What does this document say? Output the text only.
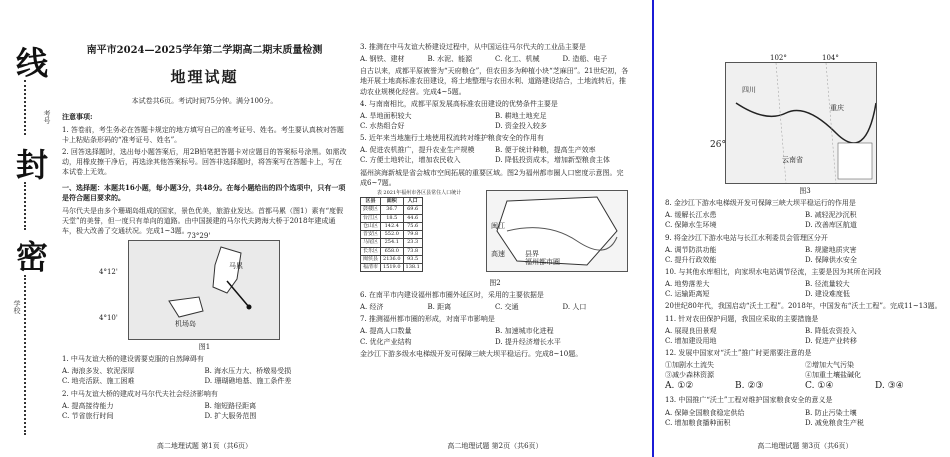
线
封
密
学校
考号
南平市2024—2025学年第二学期高二期末质量检测
地理试题
本试卷共6页。考试时间75分钟。满分100分。
注意事项:

1. 答卷前，考生务必在答题卡规定的地方填写自己的准考证号、姓名。考生要认真核对答题卡上粘贴条形码的“准考证号、姓名”。

2. 回答选择题时，选出每小题答案后，用2B铅笔把答题卡对应题目的答案标号涂黑。如需改动，用橡皮擦干净后，再选涂其他答案标号。回答非选择题时，将答案写在答题卡上，写在本试卷上无效。

一、选择题：本题共16小题，每小题3分，共48分。在每小题给出的四个选项中，只有一项是符合题目要求的。

马尔代夫是由多个珊瑚岛组成的国家，景色优美，旅游业发达。首都马累（图1）素有“度假天堂”的美誉，但一度只有单向的道路。由中国援建的马尔代夫跨海大桥于2018年建成通车，极大改善了交通状况。完成1~3题。

73°29'
4°12'
4°10'
马累
机场岛
图1

1. 中马友谊大桥的建设需要克服的自然障碍有

A. 海浪多发、软泥深厚	B. 海水压力大、桥墩易受损
C. 地壳活跃、施工困难	D. 珊瑚礁地基、施工条件差

2. 中马友谊大桥的建成对马尔代夫社会经济影响有

A. 提高接待能力	B. 缩短路径距离
C. 节省旅行时间	D. 扩大服务范围
高二地理试题 第1页（共6页）

3. 推测在中马友谊大桥建设过程中，从中国运往马尔代夫的工业品主要是

A. 钢铁、建材	B. 水泥、能源	C. 化工、机械	D. 造船、电子

自古以来，成都平原被誉为“天府粮仓”，但农田多为种植小块“芝麻田”。21世纪初，各地开展土地高标准农田建设，将土地整理与农田水利、道路建设结合，土地流转后，推动农业规模化经营。完成4~5题。

4. 与南南相比，成都平原发展高标准农田建设的优势条件主要是

A. 旱地面积较大	B. 耕地土地充足
C. 水热组合好	D. 资金投入较多

5. 近年来当地施行土地使用权流转对维护粮食安全的作用有

A. 促进农机推广，提升农业生产规模	B. 便于统计种粮，提高生产效率
C. 方便土地转让，增加农民收入	D. 降低投资成本，增加新型粮食主体

福州滨海新城是省会城市空间拓展的重要区域。图2为福州都市圈人口密度示意图。完成6~7题。

表 2021年福州市各区县常住人口统计
区县	面积	人口
鼓楼区	36.7	69.6
台江区	18.5	44.6
仓山区	142.4	75.6
晋安区	552.0	79.8
马尾区	254.1	23.3
长乐区	658.0	73.8
闽侯县	2136.0	93.5
福清市	1519.0	138.1
闽江
高速	县界
福州都市圈
图2

6. 在南平市内建设福州都市圈外延区时，采用的主要依据是

A. 经济	B. 距离	C. 交通	D. 人口

7. 推测福州都市圈的形成，对南平市影响是

A. 提高人口数量	B. 加速城市化进程
C. 优化产业结构	D. 提升经济增长水平

金沙江下游多级水电梯级开发可保障三峡大坝平稳运行。完成8~10题。

高二地理试题 第2页（共6页）
102°	104°
26°
四川
重庆
云南省
图3

8. 金沙江下游水电梯级开发可保障三峡大坝平稳运行的作用是

A. 缓解长江水患	B. 减轻泥沙沉积
C. 保障水生环境	D. 改善库区航道

9. 将金沙江下游水电站与长江水利委员会管理区分开

A. 调节防洪功能	B. 规避地质灾害
C. 提升行政效能	D. 保障供水安全

10. 与其他水库相比，向家坝水电站调节径流，主要是因为其所在河段

A. 地势落差大	B. 径流量较大
C. 运输距离短	D. 建设难度低

20世纪80年代，我国启动“沃土工程”。2018年，中国发布“沃土工程”。完成11~13题。

11. 针对农田保护问题，我国应采取的主要措施是

A. 展现良田景观	B. 降低农资投入
C. 增加建设用地	D. 促进产业转移

12. 发展中国家对“沃土”推广时更需要注意的是

①加剧水土流失	②增加大气污染
③减少森林资源	④加重土壤盐碱化
A. ①②	B. ②③	C. ①④	D. ③④

13. 中国推广“沃土”工程对维护国家粮食安全的意义是

A. 保障全国粮食稳定供给	B. 防止污染土壤
C. 增加粮食播种面积	D. 减免粮食生产税
高二地理试题 第3页（共6页）
